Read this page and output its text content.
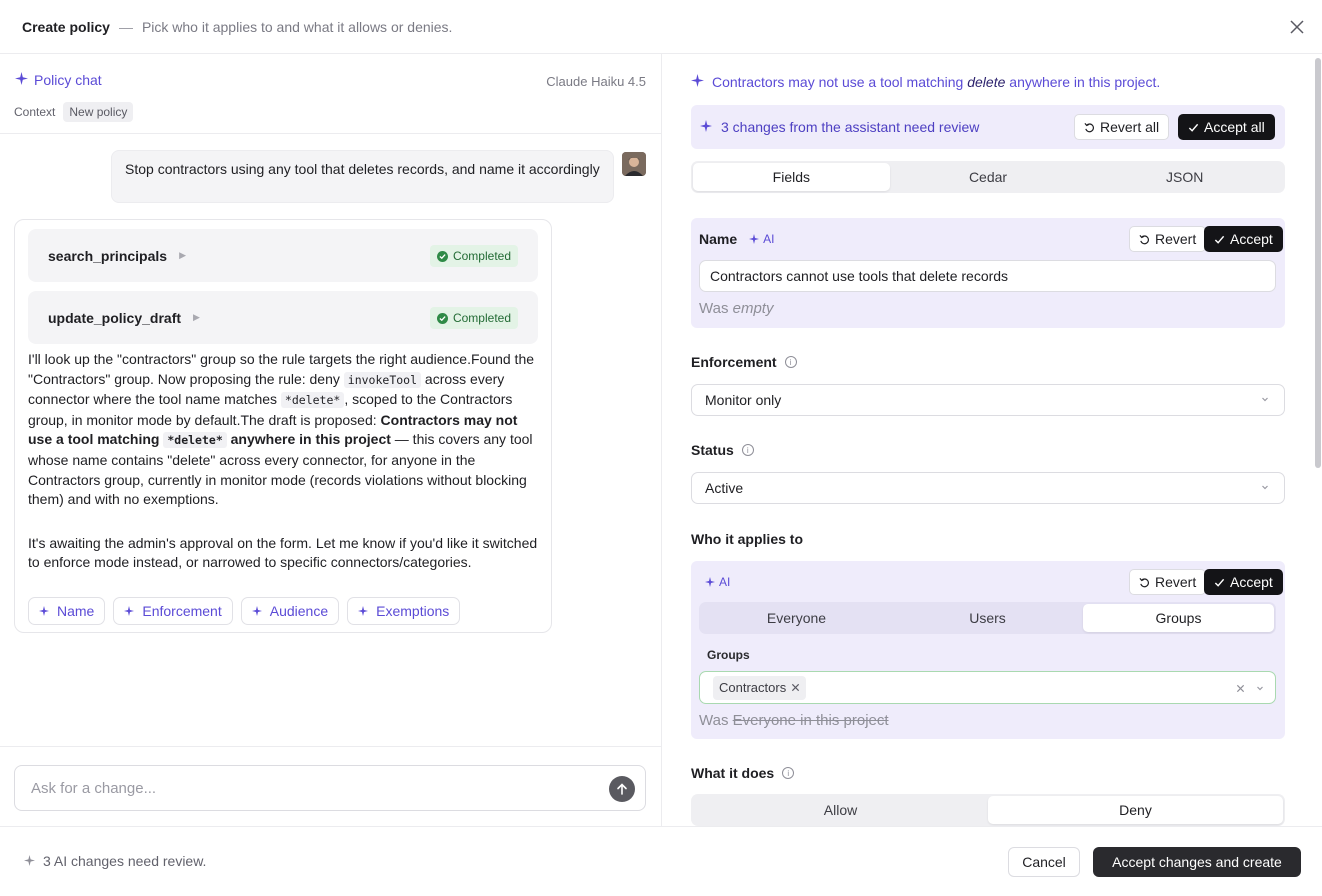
Create policy — Pick who it applies to and what it allows or denies.
Policy chat	Claude Haiku 4.5
Context	New policy
Stop contractors using any tool that deletes records, and name it accordingly
search_principals ▶	Completed
update_policy_draft ▶	Completed

I'll look up the "contractors" group so the rule targets the right audience.Found the "Contractors" group. Now proposing the rule: deny invokeTool across every connector where the tool name matches *delete* , scoped to the Contractors group, in monitor mode by default.The draft is proposed: Contractors may not use a tool matching *delete* anywhere in this project — this covers any tool whose name contains "delete" across every connector, for anyone in the Contractors group, currently in monitor mode (records violations without blocking them) and with no exemptions.

It's awaiting the admin's approval on the form. Let me know if you'd like it switched to enforce mode instead, or narrowed to specific connectors/categories.

Name	Enforcement	Audience	Exemptions
Ask for a change...
Contractors may not use a tool matching delete anywhere in this project.
3 changes from the assistant need review	Revert all	Accept all
Fields	Cedar	JSON
Name AI	Revert Accept
Contractors cannot use tools that delete records
Was empty
Enforcement	i
Monitor only
Status	i
Active
Who it applies to
AI	Revert Accept
Everyone	Users	Groups
Groups
Contractors
Was Everyone in this project
What it does	i
Allow	Deny
3 AI changes need review.	Cancel	Accept changes and create
